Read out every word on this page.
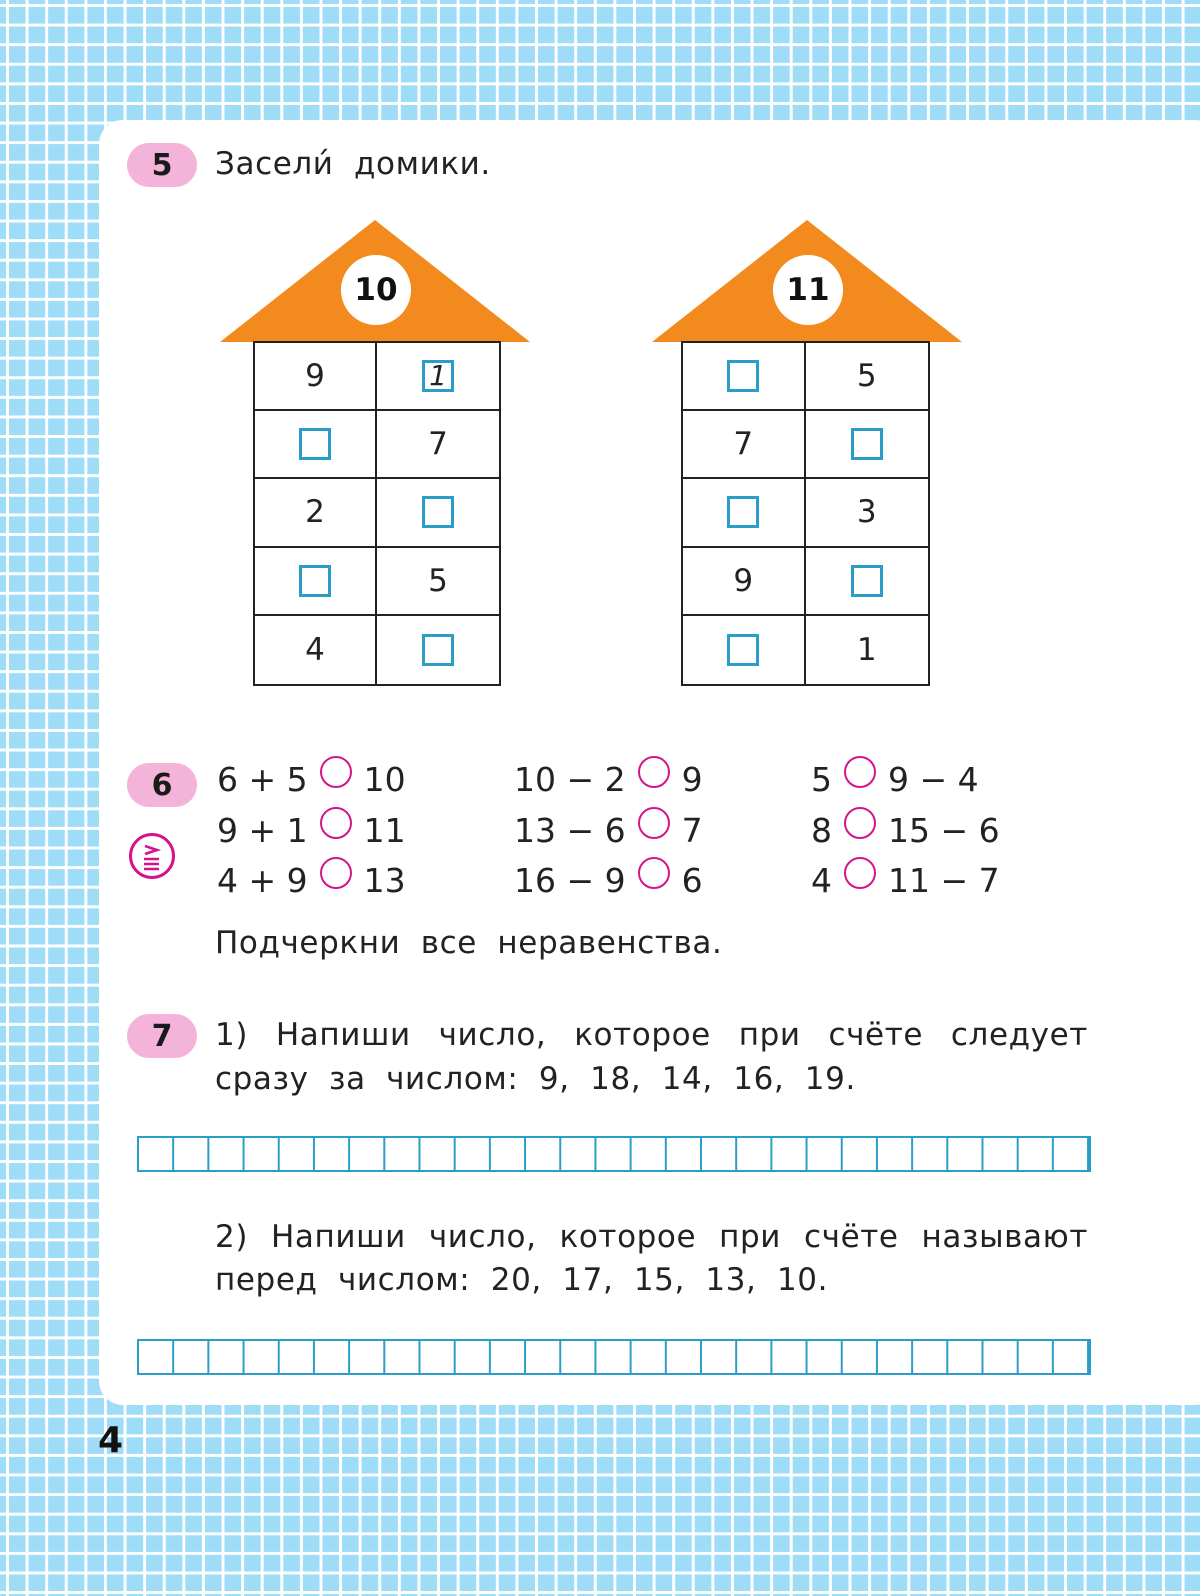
5 Засели́ домики.
10
9	1
7
2
5
4
11
5
7
3
9
1
6 6 + 5 10
9 + 1 11
4 + 9 13
10 − 2 9
13 − 6 7
16 − 9 6
5 9 − 4
8 15 − 6
4 11 − 7
Подчеркни все неравенства.
7 1) Напиши число, которое при счёте следует
сразу за числом: 9, 18, 14, 16, 19.
2) Напиши число, которое при счёте называют
перед числом: 20, 17, 15, 13, 10.
4
